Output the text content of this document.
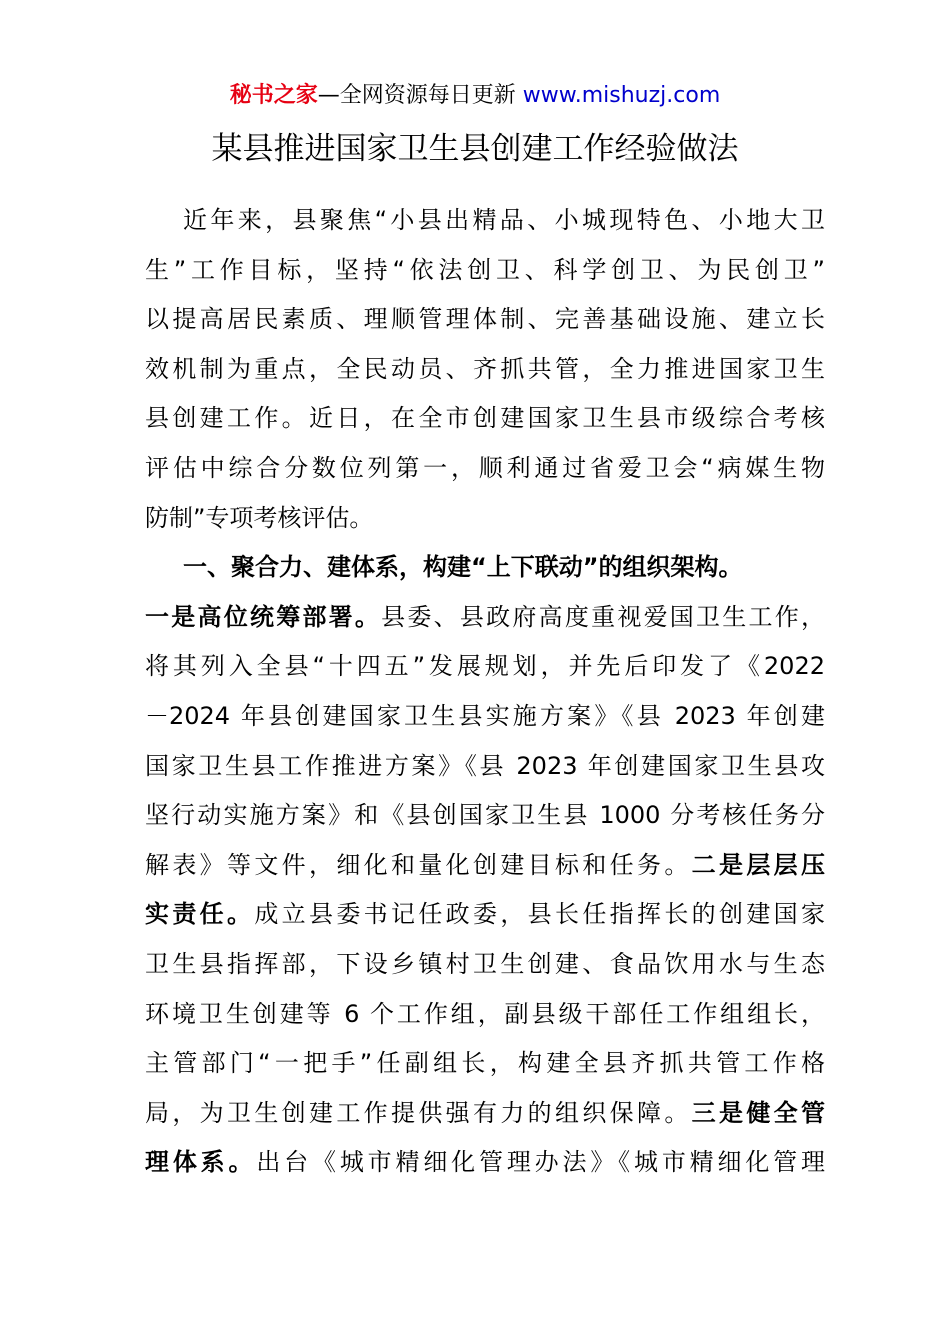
秘书之家—全网资源每日更新 www.mishuzj.com
某县推进国家卫生县创建工作经验做法
近年来，县聚焦“小县出精品、小城现特色、小地大卫
生”工作目标，坚持“依法创卫、科学创卫、为民创卫”
以提高居民素质、理顺管理体制、完善基础设施、建立长
效机制为重点，全民动员、齐抓共管，全力推进国家卫生
县创建工作。近日，在全市创建国家卫生县市级综合考核
评估中综合分数位列第一，顺利通过省爱卫会“病媒生物
防制”专项考核评估。
一、聚合力、建体系，构建“上下联动”的组织架构。
一是高位统筹部署。县委、县政府高度重视爱国卫生工作，
将其列入全县“十四五”发展规划，并先后印发了《2022
－2024 年县创建国家卫生县实施方案》《县 2023 年创建
国家卫生县工作推进方案》《县 2023 年创建国家卫生县攻
坚行动实施方案》和《县创国家卫生县 1000 分考核任务分
解表》等文件，细化和量化创建目标和任务。二是层层压
实责任。成立县委书记任政委，县长任指挥长的创建国家
卫生县指挥部，下设乡镇村卫生创建、食品饮用水与生态
环境卫生创建等 6 个工作组，副县级干部任工作组组长，
主管部门“一把手”任副组长，构建全县齐抓共管工作格
局，为卫生创建工作提供强有力的组织保障。三是健全管
理体系。出台《城市精细化管理办法》《城市精细化管理
